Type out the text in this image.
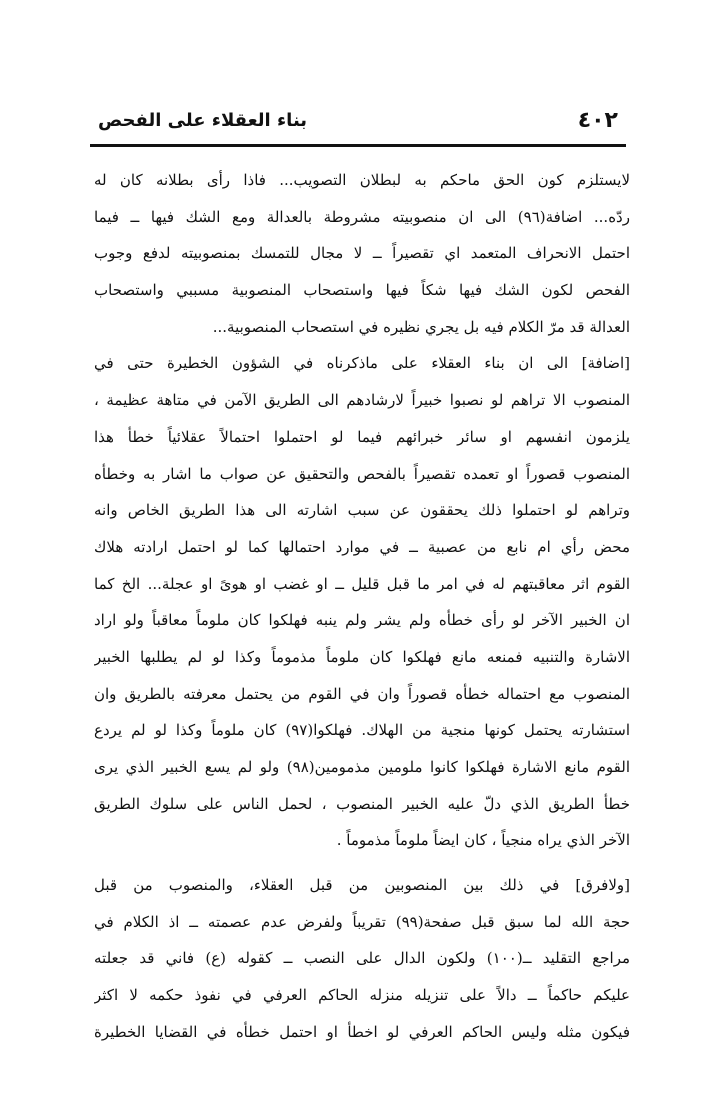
٤٠٢
بناء العقلاء على الفحص
لايستلزم كون الحق ماحكم به لبطلان التصويب... فاذا رأى بطلانه كان له
ردّه... اضافة(٩٦) الى ان منصوبيته مشروطة بالعدالة ومع الشك فيها ــ فيما
احتمل الانحراف المتعمد اي تقصيراً ــ لا مجال للتمسك بمنصوبيته لدفع وجوب
الفحص لكون الشك فيها شكاً فيها واستصحاب المنصوبية مسببي واستصحاب
العدالة قد مرّ الكلام فيه بل يجري نظيره في استصحاب المنصوبية...
[اضافة] الى ان بناء العقلاء على ماذكرناه في الشؤون الخطيرة حتى في
المنصوب الا تراهم لو نصبوا خبيراً لارشادهم الى الطريق الآمن في متاهة عظيمة ،
يلزمون انفسهم او سائر خبرائهم فيما لو احتملوا احتمالاً عقلائياً خطأ هذا
المنصوب قصوراً او تعمده تقصيراً بالفحص والتحقيق عن صواب ما اشار به وخطأه
وتراهم لو احتملوا ذلك يحققون عن سبب اشارته الى هذا الطريق الخاص وانه
محض رأي ام نابع من عصبية ــ في موارد احتمالها كما لو احتمل ارادته هلاك
القوم اثر معاقبتهم له في امر ما قبل قليل ــ او غضب او هوىً او عجلة... الخ كما
ان الخبير الآخر لو رأى خطأه ولم يشر ولم ينبه فهلكوا كان ملوماً معاقباً ولو اراد
الاشارة والتنبيه فمنعه مانع فهلكوا كان ملوماً مذموماً وكذا لو لم يطلبها الخبير
المنصوب مع احتماله خطأه قصوراً وان في القوم من يحتمل معرفته بالطريق وان
استشارته يحتمل كونها منجية من الهلاك. فهلكوا(٩٧) كان ملوماً وكذا لو لم يردع
القوم مانع الاشارة فهلكوا كانوا ملومين مذمومين(٩٨) ولو لم يسع الخبير الذي يرى
خطأ الطريق الذي دلّ عليه الخبير المنصوب ، لحمل الناس على سلوك الطريق
الآخر الذي يراه منجياً ، كان ايضاً ملوماً مذموماً .
[ولافرق] في ذلك بين المنصوبين من قبل العقلاء، والمنصوب من قبل
حجة الله لما سبق قبل صفحة(٩٩) تقريباً ولفرض عدم عصمته ــ اذ الكلام في
مراجع التقليد ــ(١٠٠) ولكون الدال على النصب ــ كقوله (ع) فاني قد جعلته
عليكم حاكماً ــ دالاً على تنزيله منزله الحاكم العرفي في نفوذ حكمه لا اكثر
فيكون مثله وليس الحاكم العرفي لو اخطأ او احتمل خطأه في القضايا الخطيرة
